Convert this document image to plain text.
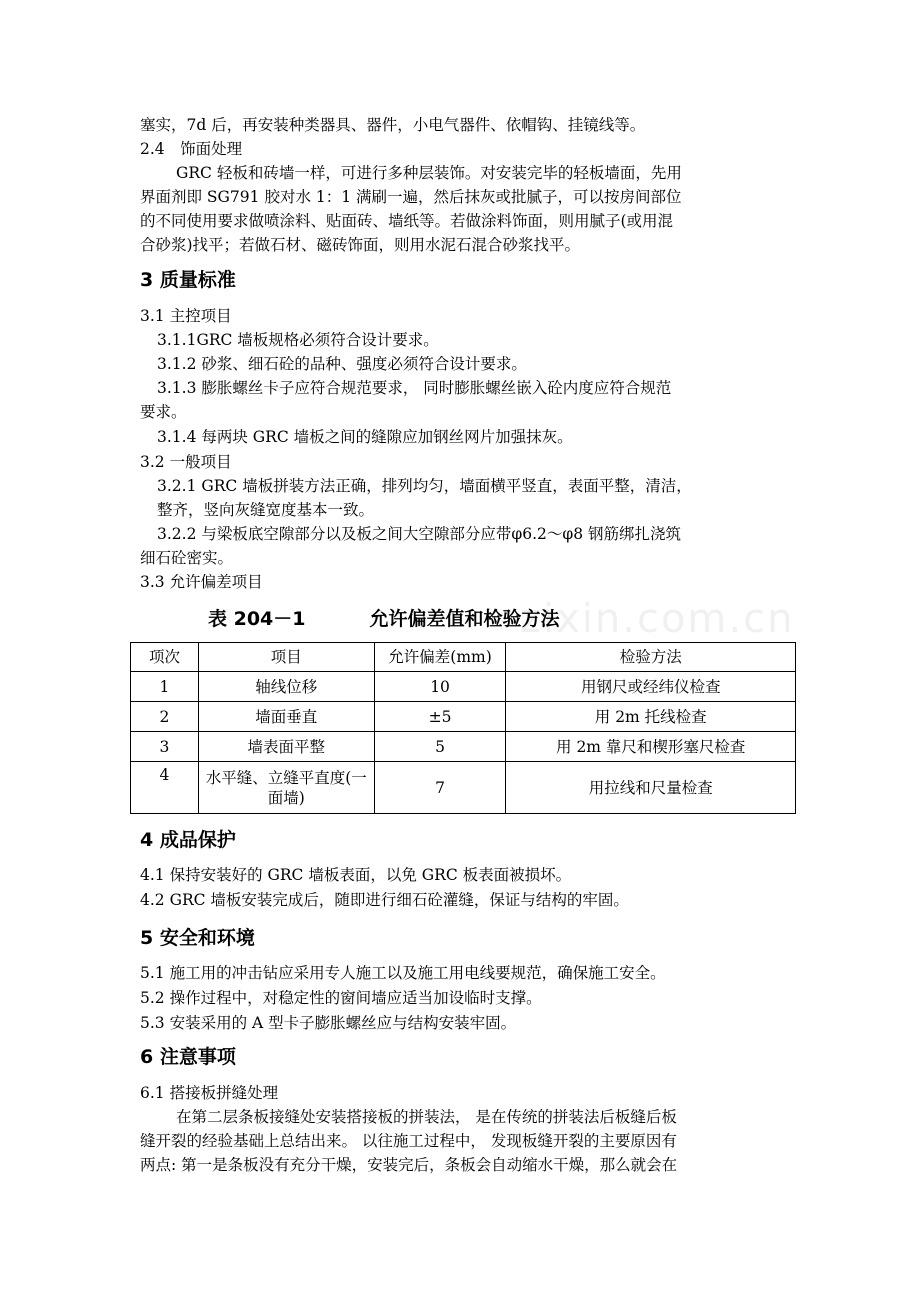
塞实，7d 后，再安装种类器具、器件，小电气器件、依帽钩、挂镜线等。
2.4　饰面处理
GRC 轻板和砖墙一样，可进行多种层装饰。对安装完毕的轻板墙面，先用
界面剂即 SG791 胶对水 1：1 满刷一遍，然后抹灰或批腻子，可以按房间部位
的不同使用要求做喷涂料、贴面砖、墙纸等。若做涂料饰面，则用腻子(或用混
合砂浆)找平；若做石材、磁砖饰面，则用水泥石混合砂浆找平。
3 质量标准
3.1 主控项目
3.1.1GRC 墙板规格必须符合设计要求。
3.1.2 砂浆、细石砼的品种、强度必须符合设计要求。
3.1.3 膨胀螺丝卡子应符合规范要求， 同时膨胀螺丝嵌入砼内度应符合规范
要求。
3.1.4 每两块 GRC 墙板之间的缝隙应加钢丝网片加强抹灰。
3.2 一般项目
3.2.1 GRC 墙板拼装方法正确，排列均匀，墙面横平竖直，表面平整，清洁，
整齐，竖向灰缝宽度基本一致。
3.2.2 与梁板底空隙部分以及板之间大空隙部分应带φ6.2～φ8 钢筋绑扎浇筑
细石砼密实。
3.3 允许偏差项目
zixin.com.cn
表 204－1	允许偏差值和检验方法
项次	项目	允许偏差(mm)	检验方法
1	轴线位移	10	用钢尺或经纬仪检查
2	墙面垂直	±5	用 2m 托线检查
3	墙表面平整	5	用 2m 靠尺和楔形塞尺检查
4	水平缝、立缝平直度(一面墙)	7	用拉线和尺量检查
4 成品保护
4.1 保持安装好的 GRC 墙板表面，以免 GRC 板表面被损坏。
4.2 GRC 墙板安装完成后，随即进行细石砼灌缝，保证与结构的牢固。
5 安全和环境
5.1 施工用的冲击钻应采用专人施工以及施工用电线要规范，确保施工安全。
5.2 操作过程中，对稳定性的窗间墙应适当加设临时支撑。
5.3 安装采用的 A 型卡子膨胀螺丝应与结构安装牢固。
6 注意事项
6.1 搭接板拼缝处理
在第二层条板接缝处安装搭接板的拼装法， 是在传统的拼装法后板缝后板
缝开裂的经验基础上总结出来。 以往施工过程中， 发现板缝开裂的主要原因有
两点: 第一是条板没有充分干燥，安装完后，条板会自动缩水干燥，那么就会在
